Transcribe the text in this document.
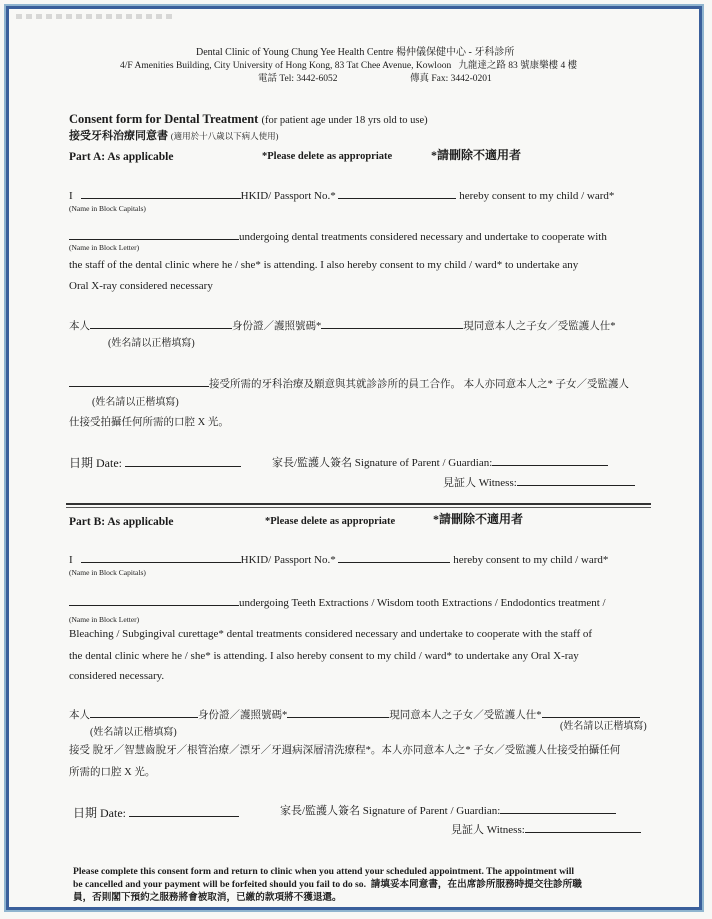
Dental Clinic of Young Chung Yee Health Centre 楊仲儀保健中心 - 牙科診所
4/F Amenities Building, City University of Hong Kong, 83 Tat Chee Avenue, Kowloon 九龍達之路 83 號康樂樓 4 樓
電話 Tel: 3442-6052	傳真 Fax: 3442-0201
Consent form for Dental Treatment (for patient age under 18 yrs old to use)
接受牙科治療同意書 (適用於十八歲以下病人使用)
Part A: As applicable	*Please delete as appropriate	*請刪除不適用者
I	HKID/ Passport No.*	hereby consent to my child / ward*
(Name in Block Capitals)
undergoing dental treatments considered necessary and undertake to cooperate with
(Name in Block Letter)
the staff of the dental clinic where he / she* is attending. I also hereby consent to my child / ward* to undertake any
Oral X-ray considered necessary
本人	身份證／護照號碼*	現同意本人之子女／受監護人仕*
(姓名請以正楷填寫)
接受所需的牙科治療及願意與其就診診所的員工合作。 本人亦同意本人之* 子女／受監護人
(姓名請以正楷填寫)
仕接受拍攝任何所需的口腔 X 光。
日期 Date:	家長/監護人簽名 Signature of Parent / Guardian:
見証人 Witness:
Part B: As applicable	*Please delete as appropriate	*請刪除不適用者
I	HKID/ Passport No.*	hereby consent to my child / ward*
(Name in Block Capitals)
undergoing Teeth Extractions / Wisdom tooth Extractions / Endodontics treatment /
(Name in Block Letter)
Bleaching / Subgingival curettage* dental treatments considered necessary and undertake to cooperate with the staff of
the dental clinic where he / she* is attending. I also hereby consent to my child / ward* to undertake any Oral X-ray
considered necessary.
本人	身份證／護照號碼*	現同意本人之子女／受監護人仕*
(姓名請以正楷填寫)
(姓名請以正楷填寫)
接受 脫牙／智慧齒脫牙／根管治療／漂牙／牙週病深層清洗療程*。本人亦同意本人之* 子女／受監護人仕接受拍攝任何
所需的口腔 X 光。
日期 Date:	家長/監護人簽名 Signature of Parent / Guardian:
見証人 Witness:
Please complete this consent form and return to clinic when you attend your scheduled appointment. The appointment will
be cancelled and your payment will be forfeited should you fail to do so. 請填妥本同意書，在出席診所服務時提交往診所職
員，否則閣下預約之服務將會被取消，已繳的款項將不獲退還。
